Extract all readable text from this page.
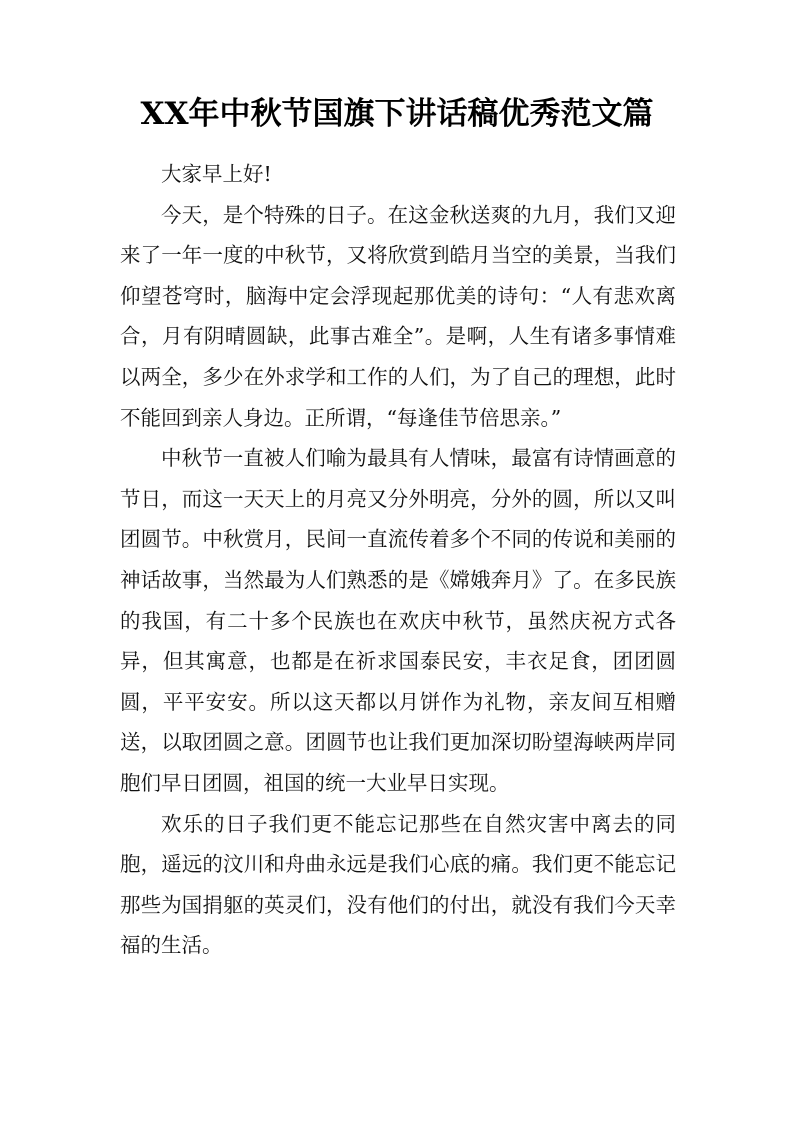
XX年中秋节国旗下讲话稿优秀范文篇

大家早上好!

今天，是个特殊的日子。在这金秋送爽的九月，我们又迎来了一年一度的中秋节，又将欣赏到皓月当空的美景，当我们仰望苍穹时，脑海中定会浮现起那优美的诗句：“人有悲欢离合，月有阴晴圆缺，此事古难全”。是啊，人生有诸多事情难以两全，多少在外求学和工作的人们，为了自己的理想，此时不能回到亲人身边。正所谓，“每逢佳节倍思亲。”

中秋节一直被人们喻为最具有人情味，最富有诗情画意的节日，而这一天天上的月亮又分外明亮，分外的圆，所以又叫团圆节。中秋赏月，民间一直流传着多个不同的传说和美丽的神话故事，当然最为人们熟悉的是《嫦娥奔月》了。在多民族的我国，有二十多个民族也在欢庆中秋节，虽然庆祝方式各异，但其寓意，也都是在祈求国泰民安，丰衣足食，团团圆圆，平平安安。所以这天都以月饼作为礼物，亲友间互相赠送，以取团圆之意。团圆节也让我们更加深切盼望海峡两岸同胞们早日团圆，祖国的统一大业早日实现。

欢乐的日子我们更不能忘记那些在自然灾害中离去的同胞，遥远的汶川和舟曲永远是我们心底的痛。我们更不能忘记那些为国捐躯的英灵们，没有他们的付出，就没有我们今天幸福的生活。
